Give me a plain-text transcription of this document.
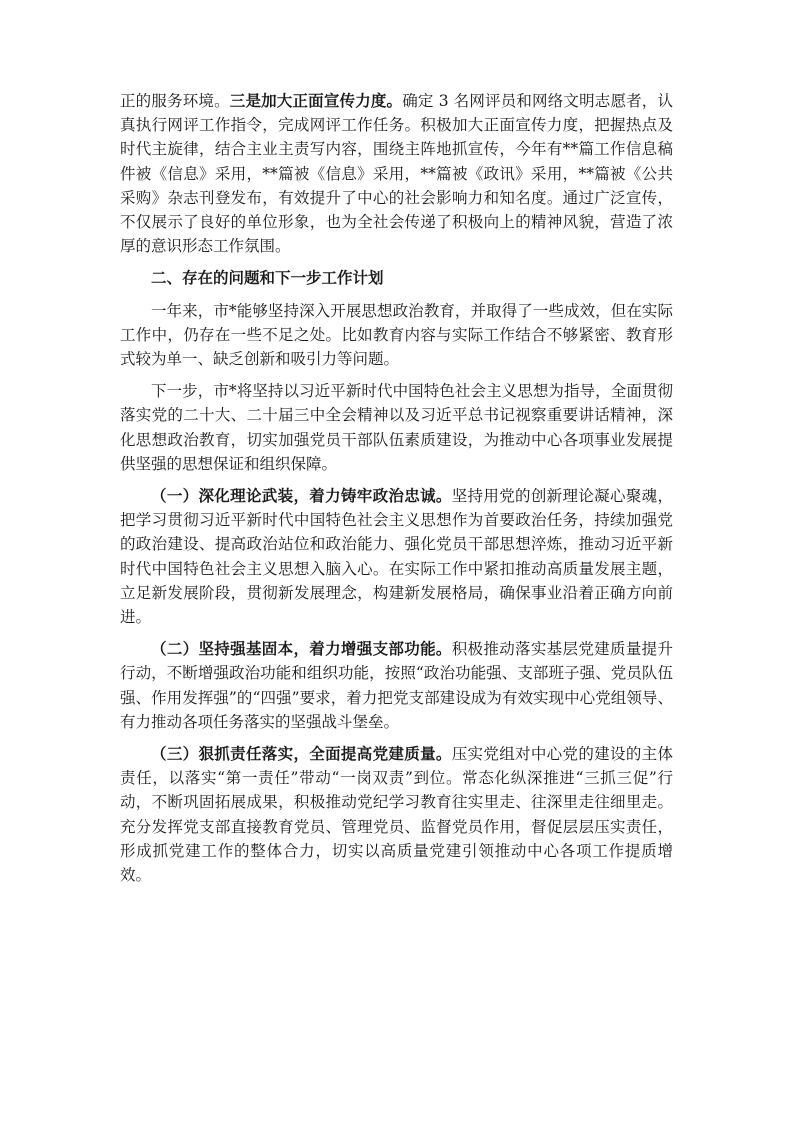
正的服务环境。三是加大正面宣传力度。确定 3 名网评员和网络文明志愿者，认真执行网评工作指令，完成网评工作任务。积极加大正面宣传力度，把握热点及时代主旋律，结合主业主责写内容，围绕主阵地抓宣传，今年有**篇工作信息稿件被《信息》采用，**篇被《信息》采用，**篇被《政讯》采用，**篇被《公共采购》杂志刊登发布，有效提升了中心的社会影响力和知名度。通过广泛宣传，不仅展示了良好的单位形象，也为全社会传递了积极向上的精神风貌，营造了浓厚的意识形态工作氛围。

二、存在的问题和下一步工作计划

一年来，市*能够坚持深入开展思想政治教育，并取得了一些成效，但在实际工作中，仍存在一些不足之处。比如教育内容与实际工作结合不够紧密、教育形式较为单一、缺乏创新和吸引力等问题。

下一步，市*将坚持以习近平新时代中国特色社会主义思想为指导，全面贯彻落实党的二十大、二十届三中全会精神以及习近平总书记视察重要讲话精神，深化思想政治教育，切实加强党员干部队伍素质建设，为推动中心各项事业发展提供坚强的思想保证和组织保障。

（一）深化理论武装，着力铸牢政治忠诚。坚持用党的创新理论凝心聚魂，把学习贯彻习近平新时代中国特色社会主义思想作为首要政治任务，持续加强党的政治建设、提高政治站位和政治能力、强化党员干部思想淬炼，推动习近平新时代中国特色社会主义思想入脑入心。在实际工作中紧扣推动高质量发展主题，立足新发展阶段，贯彻新发展理念，构建新发展格局，确保事业沿着正确方向前进。

（二）坚持强基固本，着力增强支部功能。积极推动落实基层党建质量提升行动，不断增强政治功能和组织功能，按照“政治功能强、支部班子强、党员队伍强、作用发挥强”的“四强”要求，着力把党支部建设成为有效实现中心党组领导、有力推动各项任务落实的坚强战斗堡垒。

（三）狠抓责任落实，全面提高党建质量。压实党组对中心党的建设的主体责任，以落实“第一责任”带动“一岗双责”到位。常态化纵深推进“三抓三促”行动，不断巩固拓展成果，积极推动党纪学习教育往实里走、往深里走往细里走。充分发挥党支部直接教育党员、管理党员、监督党员作用，督促层层压实责任，形成抓党建工作的整体合力，切实以高质量党建引领推动中心各项工作提质增效。
